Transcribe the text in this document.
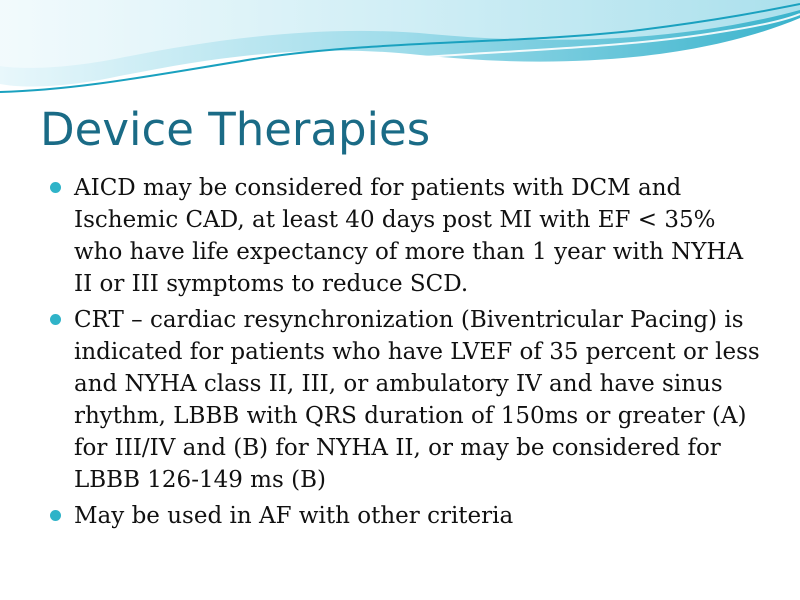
Device Therapies
AICD may be considered for patients with DCM and Ischemic CAD, at least 40 days post MI with EF < 35% who have life expectancy of more than 1 year with NYHA II or III symptoms to reduce SCD.
CRT – cardiac resynchronization (Biventricular Pacing) is indicated for patients who have LVEF of 35 percent or less and NYHA class II, III, or ambulatory IV and have sinus rhythm, LBBB with QRS duration of 150ms or greater (A) for III/IV and (B) for NYHA II, or may be considered for LBBB 126-149 ms (B)
May be used in AF with other criteria
